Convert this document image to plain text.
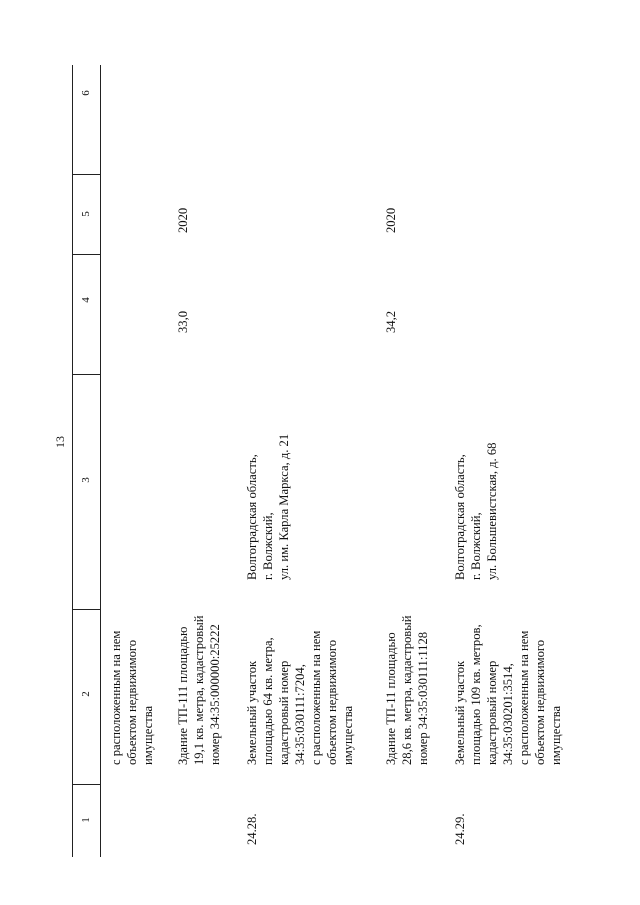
13
1
2
3
4
5
6
с расположенным на нем объектом недвижимого имущества Здание ТП-111 площадью 19,1 кв. метра, кадастровый номер 34:35:000000:25222
33,0
2020
24.28.
Земельный участок площадью 64 кв. метра, кадастровый номер 34:35:030111:7204, с расположенным на нем объектом недвижимого имущества
Волгоградская область, г. Волжский, ул. им. Карла Маркса, д. 21
Здание ТП-11 площадью 28,6 кв. метра, кадастровый номер 34:35:030111:1128
34,2
2020
24.29.
Земельный участок площадью 109 кв. метров, кадастровый номер 34:35:030201:3514, с расположенным на нем объектом недвижимого имущества
Волгоградская область, г. Волжский, ул. Большевистская, д. 68
